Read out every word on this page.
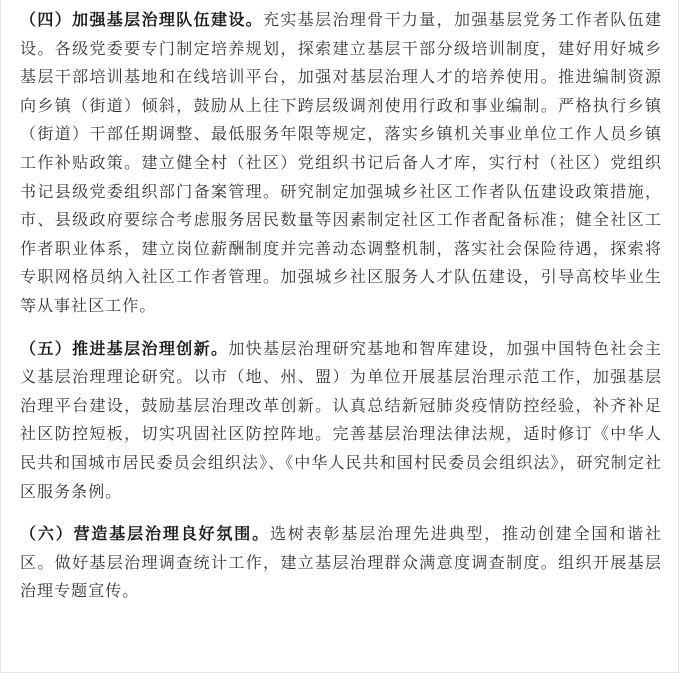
（四）加强基层治理队伍建设。充实基层治理骨干力量，加强基层党务工作者队伍建设。各级党委要专门制定培养规划，探索建立基层干部分级培训制度，建好用好城乡基层干部培训基地和在线培训平台，加强对基层治理人才的培养使用。推进编制资源向乡镇（街道）倾斜，鼓励从上往下跨层级调剂使用行政和事业编制。严格执行乡镇（街道）干部任期调整、最低服务年限等规定，落实乡镇机关事业单位工作人员乡镇工作补贴政策。建立健全村（社区）党组织书记后备人才库，实行村（社区）党组织书记县级党委组织部门备案管理。研究制定加强城乡社区工作者队伍建设政策措施，市、县级政府要综合考虑服务居民数量等因素制定社区工作者配备标准；健全社区工作者职业体系，建立岗位薪酬制度并完善动态调整机制，落实社会保险待遇，探索将专职网格员纳入社区工作者管理。加强城乡社区服务人才队伍建设，引导高校毕业生等从事社区工作。

（五）推进基层治理创新。加快基层治理研究基地和智库建设，加强中国特色社会主义基层治理理论研究。以市（地、州、盟）为单位开展基层治理示范工作，加强基层治理平台建设，鼓励基层治理改革创新。认真总结新冠肺炎疫情防控经验，补齐补足社区防控短板，切实巩固社区防控阵地。完善基层治理法律法规，适时修订《中华人民共和国城市居民委员会组织法》、《中华人民共和国村民委员会组织法》，研究制定社区服务条例。

（六）营造基层治理良好氛围。选树表彰基层治理先进典型，推动创建全国和谐社区。做好基层治理调查统计工作，建立基层治理群众满意度调查制度。组织开展基层治理专题宣传。
